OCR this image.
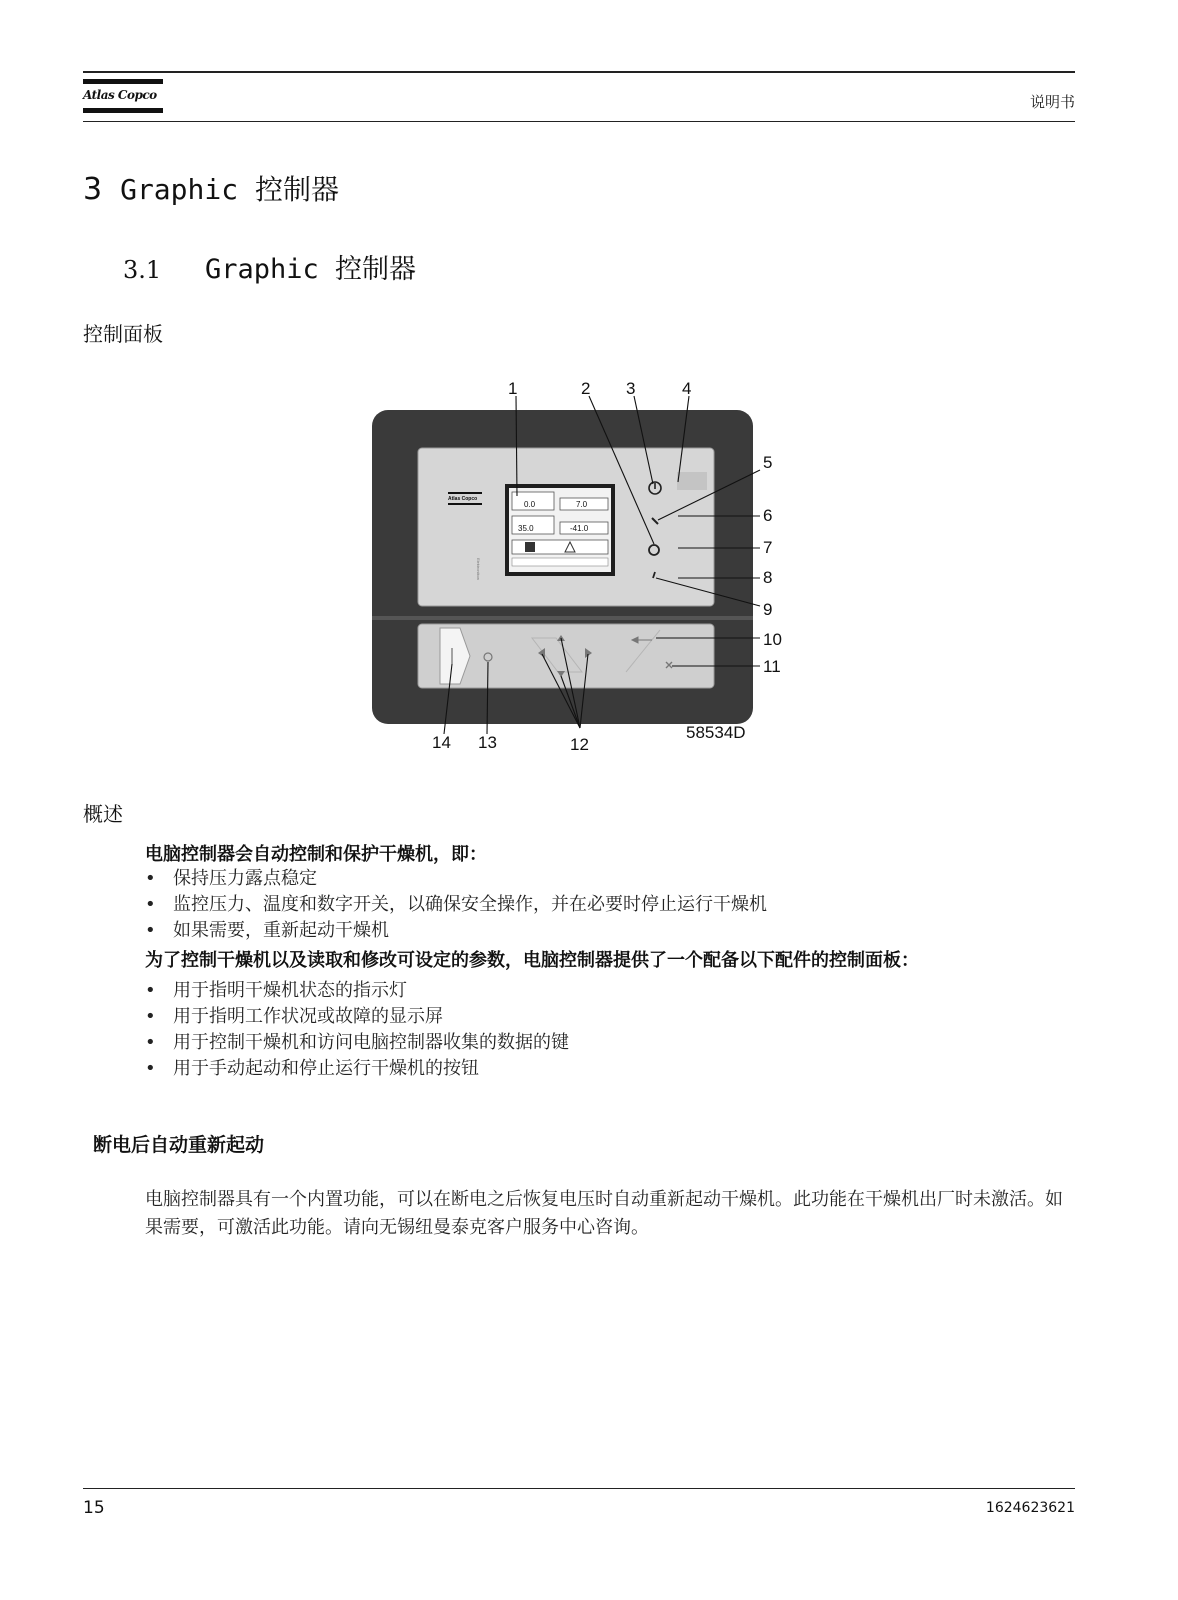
Atlas Copco	说明书
3 Graphic 控制器
3.1 Graphic 控制器
控制面板
Atlas Copco
Elektronikon
0.0	7.0
35.0	-41.0
1	2 3	4
5
6
7
8
9
10
11
12
13
14
58534D
概述
电脑控制器会自动控制和保护干燥机，即：
• 保持压力露点稳定
• 监控压力、温度和数字开关，以确保安全操作，并在必要时停止运行干燥机
• 如果需要，重新起动干燥机
为了控制干燥机以及读取和修改可设定的参数，电脑控制器提供了一个配备以下配件的控制面板：
• 用于指明干燥机状态的指示灯
• 用于指明工作状况或故障的显示屏
• 用于控制干燥机和访问电脑控制器收集的数据的键
• 用于手动起动和停止运行干燥机的按钮
断电后自动重新起动
电脑控制器具有一个内置功能，可以在断电之后恢复电压时自动重新起动干燥机。此功能在干燥机出厂时未激活。如果需要，可激活此功能。请向无锡纽曼泰克客户服务中心咨询。
15	1624623621
